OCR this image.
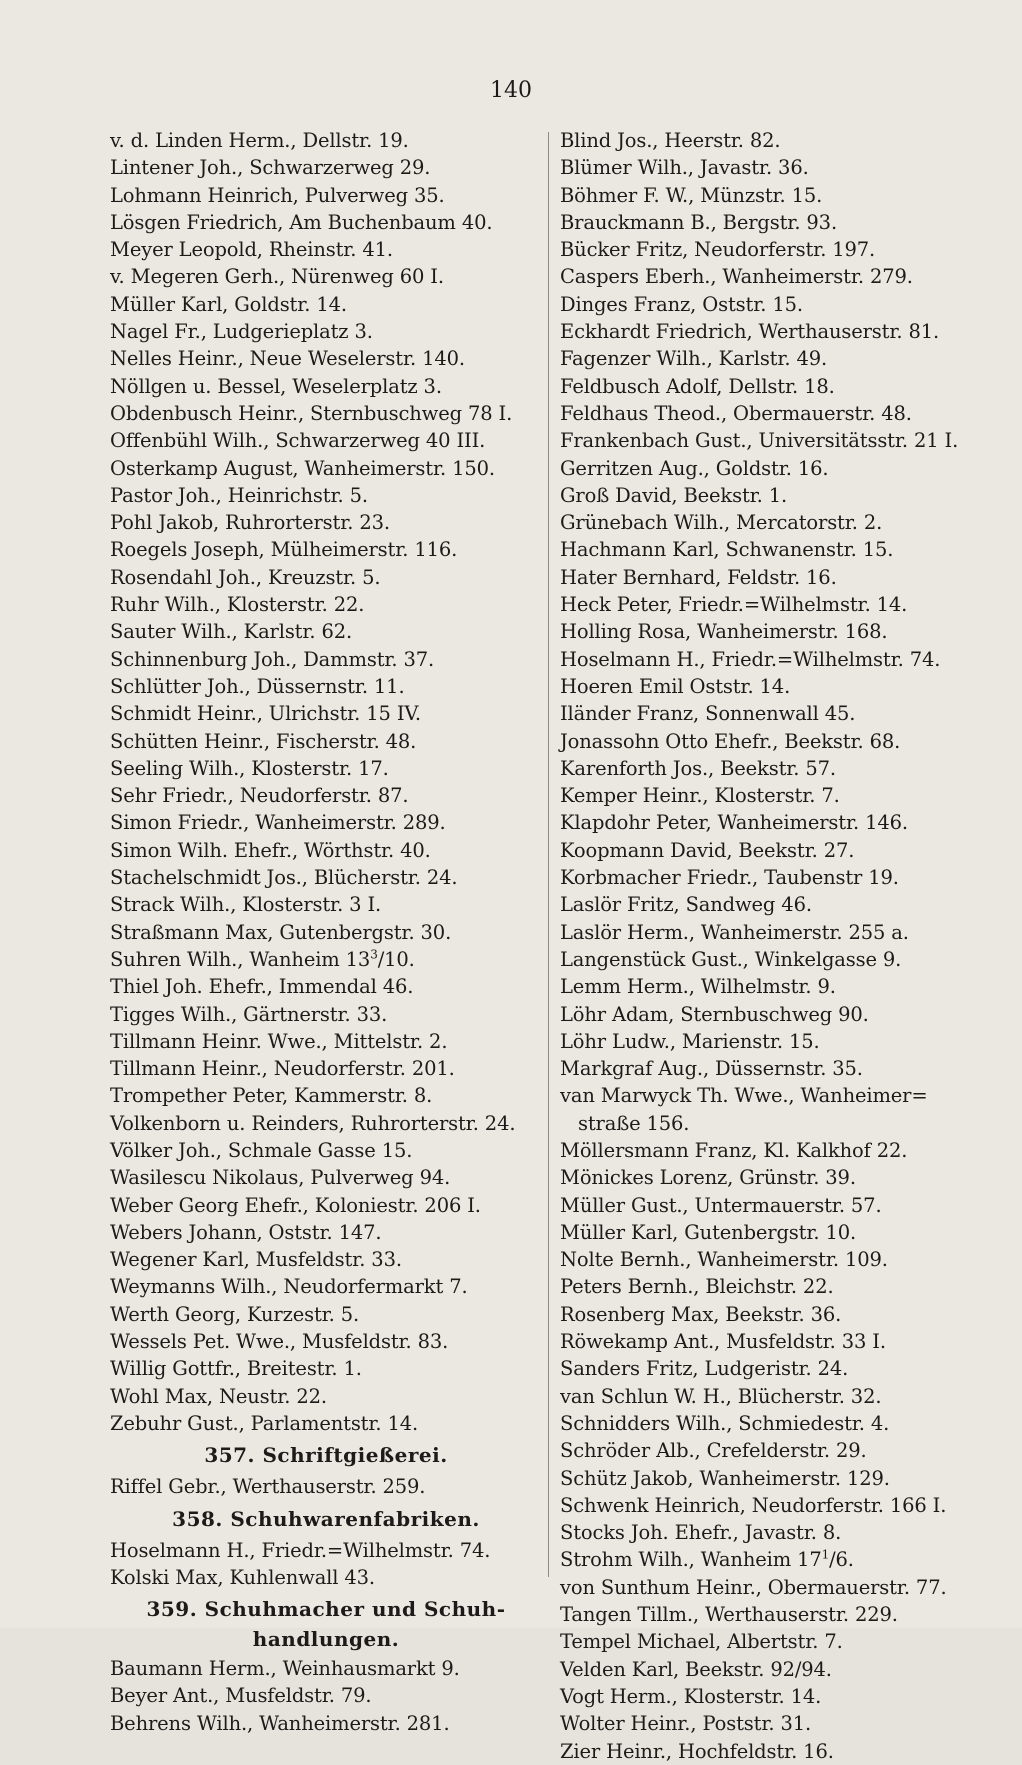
140
v. d. Linden Herm., Dellstr. 19.
Lintener Joh., Schwarzerweg 29.
Lohmann Heinrich, Pulverweg 35.
Lösgen Friedrich, Am Buchenbaum 40.
Meyer Leopold, Rheinstr. 41.
v. Megeren Gerh., Nürenweg 60 I.
Müller Karl, Goldstr. 14.
Nagel Fr., Ludgerieplatz 3.
Nelles Heinr., Neue Weselerstr. 140.
Nöllgen u. Bessel, Weselerplatz 3.
Obdenbusch Heinr., Sternbuschweg 78 I.
Offenbühl Wilh., Schwarzerweg 40 III.
Osterkamp August, Wanheimerstr. 150.
Pastor Joh., Heinrichstr. 5.
Pohl Jakob, Ruhrorterstr. 23.
Roegels Joseph, Mülheimerstr. 116.
Rosendahl Joh., Kreuzstr. 5.
Ruhr Wilh., Klosterstr. 22.
Sauter Wilh., Karlstr. 62.
Schinnenburg Joh., Dammstr. 37.
Schlütter Joh., Düssernstr. 11.
Schmidt Heinr., Ulrichstr. 15 IV.
Schütten Heinr., Fischerstr. 48.
Seeling Wilh., Klosterstr. 17.
Sehr Friedr., Neudorferstr. 87.
Simon Friedr., Wanheimerstr. 289.
Simon Wilh. Ehefr., Wörthstr. 40.
Stachelschmidt Jos., Blücherstr. 24.
Strack Wilh., Klosterstr. 3 I.
Straßmann Max, Gutenbergstr. 30.
Suhren Wilh., Wanheim $13^3/10$.
Thiel Joh. Ehefr., Immendal 46.
Tigges Wilh., Gärtnerstr. 33.
Tillmann Heinr. Wwe., Mittelstr. 2.
Tillmann Heinr., Neudorferstr. 201.
Trompether Peter, Kammerstr. 8.
Volkenborn u. Reinders, Ruhrorterstr. 24.
Völker Joh., Schmale Gasse 15.
Wasilescu Nikolaus, Pulverweg 94.
Weber Georg Ehefr., Koloniestr. 206 I.
Webers Johann, Oststr. 147.
Wegener Karl, Musfeldstr. 33.
Weymanns Wilh., Neudorfermarkt 7.
Werth Georg, Kurzestr. 5.
Wessels Pet. Wwe., Musfeldstr. 83.
Willig Gottfr., Breitestr. 1.
Wohl Max, Neustr. 22.
Zebuhr Gust., Parlamentstr. 14.
357. Schriftgießerei.
Riffel Gebr., Werthauserstr. 259.
358. Schuhwarenfabriken.
Hoselmann H., Friedr.=Wilhelmstr. 74.
Kolski Max, Kuhlenwall 43.
359. Schuhmacher und Schuh-
handlungen.
Baumann Herm., Weinhausmarkt 9.
Beyer Ant., Musfeldstr. 79.
Behrens Wilh., Wanheimerstr. 281.
Blind Jos., Heerstr. 82.
Blümer Wilh., Javastr. 36.
Böhmer F. W., Münzstr. 15.
Brauckmann B., Bergstr. 93.
Bücker Fritz, Neudorferstr. 197.
Caspers Eberh., Wanheimerstr. 279.
Dinges Franz, Oststr. 15.
Eckhardt Friedrich, Werthauserstr. 81.
Fagenzer Wilh., Karlstr. 49.
Feldbusch Adolf, Dellstr. 18.
Feldhaus Theod., Obermauerstr. 48.
Frankenbach Gust., Universitätsstr. 21 I.
Gerritzen Aug., Goldstr. 16.
Groß David, Beekstr. 1.
Grünebach Wilh., Mercatorstr. 2.
Hachmann Karl, Schwanenstr. 15.
Hater Bernhard, Feldstr. 16.
Heck Peter, Friedr.=Wilhelmstr. 14.
Holling Rosa, Wanheimerstr. 168.
Hoselmann H., Friedr.=Wilhelmstr. 74.
Hoeren Emil Oststr. 14.
Iländer Franz, Sonnenwall 45.
Jonassohn Otto Ehefr., Beekstr. 68.
Karenforth Jos., Beekstr. 57.
Kemper Heinr., Klosterstr. 7.
Klapdohr Peter, Wanheimerstr. 146.
Koopmann David, Beekstr. 27.
Korbmacher Friedr., Taubenstr 19.
Laslör Fritz, Sandweg 46.
Laslör Herm., Wanheimerstr. 255 a.
Langenstück Gust., Winkelgasse 9.
Lemm Herm., Wilhelmstr. 9.
Löhr Adam, Sternbuschweg 90.
Löhr Ludw., Marienstr. 15.
Markgraf Aug., Düssernstr. 35.
van Marwyck Th. Wwe., Wanheimer=
straße 156.
Möllersmann Franz, Kl. Kalkhof 22.
Mönickes Lorenz, Grünstr. 39.
Müller Gust., Untermauerstr. 57.
Müller Karl, Gutenbergstr. 10.
Nolte Bernh., Wanheimerstr. 109.
Peters Bernh., Bleichstr. 22.
Rosenberg Max, Beekstr. 36.
Röwekamp Ant., Musfeldstr. 33 I.
Sanders Fritz, Ludgeristr. 24.
van Schlun W. H., Blücherstr. 32.
Schnidders Wilh., Schmiedestr. 4.
Schröder Alb., Crefelderstr. 29.
Schütz Jakob, Wanheimerstr. 129.
Schwenk Heinrich, Neudorferstr. 166 I.
Stocks Joh. Ehefr., Javastr. 8.
Strohm Wilh., Wanheim $17^1/6$.
von Sunthum Heinr., Obermauerstr. 77.
Tangen Tillm., Werthauserstr. 229.
Tempel Michael, Albertstr. 7.
Velden Karl, Beekstr. 92/94.
Vogt Herm., Klosterstr. 14.
Wolter Heinr., Poststr. 31.
Zier Heinr., Hochfeldstr. 16.
